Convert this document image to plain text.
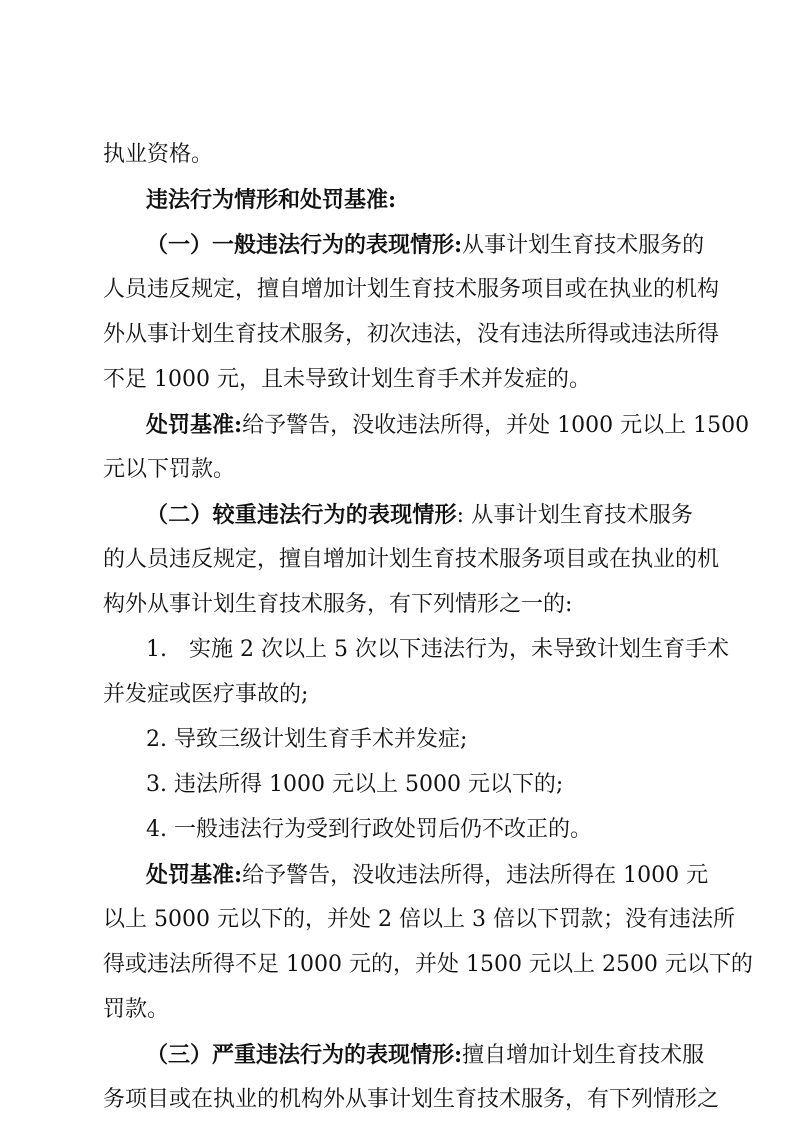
执业资格。
违法行为情形和处罚基准:
（一）一般违法行为的表现情形:从事计划生育技术服务的
人员违反规定，擅自增加计划生育技术服务项目或在执业的机构
外从事计划生育技术服务，初次违法，没有违法所得或违法所得
不足 1000 元，且未导致计划生育手术并发症的。
处罚基准:给予警告，没收违法所得，并处 1000 元以上 1500
元以下罚款。
（二）较重违法行为的表现情形: 从事计划生育技术服务
的人员违反规定，擅自增加计划生育技术服务项目或在执业的机
构外从事计划生育技术服务，有下列情形之一的:
1.　实施 2 次以上 5 次以下违法行为，未导致计划生育手术
并发症或医疗事故的;
2. 导致三级计划生育手术并发症;
3. 违法所得 1000 元以上 5000 元以下的;
4. 一般违法行为受到行政处罚后仍不改正的。
处罚基准:给予警告，没收违法所得，违法所得在 1000 元
以上 5000 元以下的，并处 2 倍以上 3 倍以下罚款；没有违法所
得或违法所得不足 1000 元的，并处 1500 元以上 2500 元以下的
罚款。
（三）严重违法行为的表现情形:擅自增加计划生育技术服
务项目或在执业的机构外从事计划生育技术服务，有下列情形之
